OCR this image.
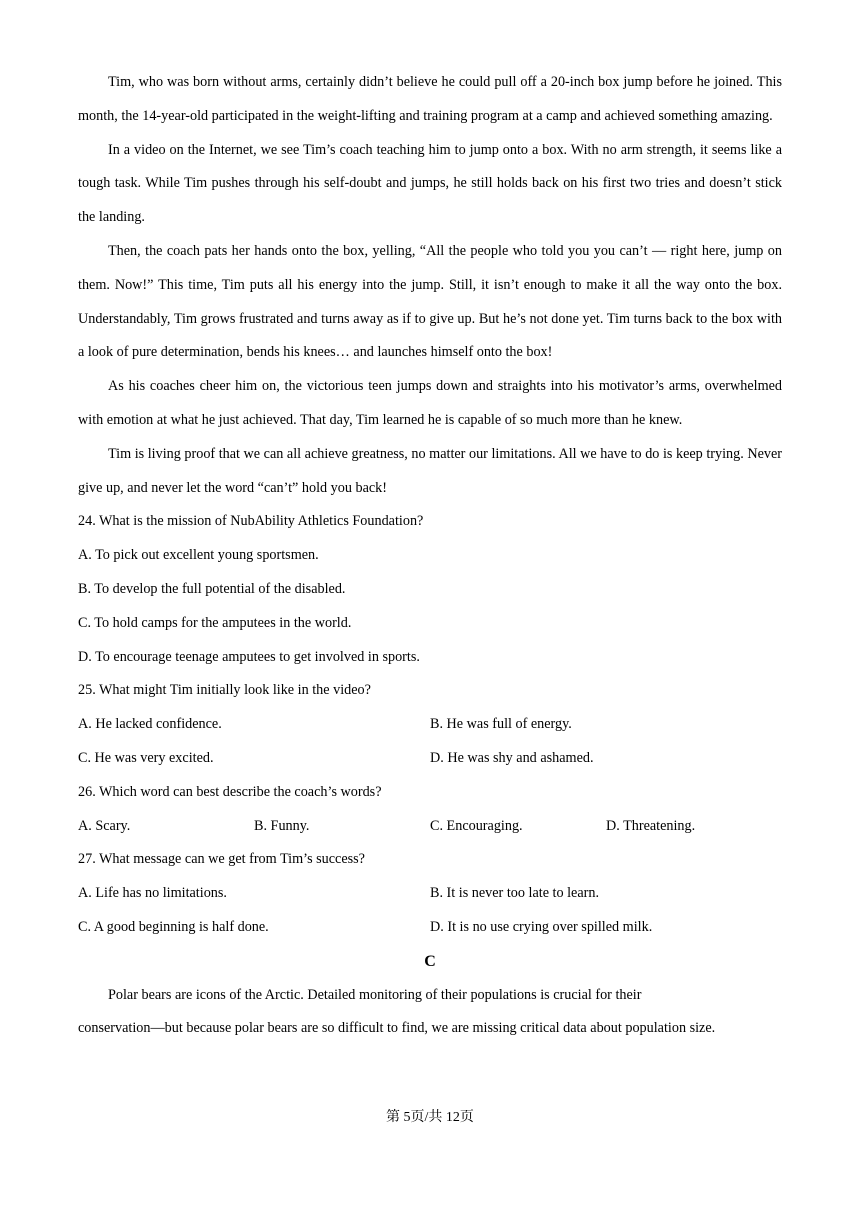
Tim, who was born without arms, certainly didn’t believe he could pull off a 20-inch box jump before he joined. This month, the 14-year-old participated in the weight-lifting and training program at a camp and achieved something amazing.

In a video on the Internet, we see Tim’s coach teaching him to jump onto a box. With no arm strength, it seems like a tough task. While Tim pushes through his self-doubt and jumps, he still holds back on his first two tries and doesn’t stick the landing.

Then, the coach pats her hands onto the box, yelling, “All the people who told you you can’t — right here, jump on them. Now!” This time, Tim puts all his energy into the jump. Still, it isn’t enough to make it all the way onto the box. Understandably, Tim grows frustrated and turns away as if to give up. But he’s not done yet. Tim turns back to the box with a look of pure determination, bends his knees… and launches himself onto the box!

As his coaches cheer him on, the victorious teen jumps down and straights into his motivator’s arms, overwhelmed with emotion at what he just achieved. That day, Tim learned he is capable of so much more than he knew.

Tim is living proof that we can all achieve greatness, no matter our limitations. All we have to do is keep trying. Never give up, and never let the word “can’t” hold you back!

24. What is the mission of NubAbility Athletics Foundation?

A. To pick out excellent young sportsmen.

B. To develop the full potential of the disabled.

C. To hold camps for the amputees in the world.

D. To encourage teenage amputees to get involved in sports.

25. What might Tim initially look like in the video?

A. He lacked confidence.	B. He was full of energy.
C. He was very excited.	D. He was shy and ashamed.

26. Which word can best describe the coach’s words?

A. Scary.	B. Funny.	C. Encouraging.	D. Threatening.

27. What message can we get from Tim’s success?

A. Life has no limitations.	B. It is never too late to learn.
C. A good beginning is half done.	D. It is no use crying over spilled milk.

C

Polar bears are icons of the Arctic. Detailed monitoring of their populations is crucial for their

conservation—but because polar bears are so difficult to find, we are missing critical data about population size.

第 5页/共 12页
